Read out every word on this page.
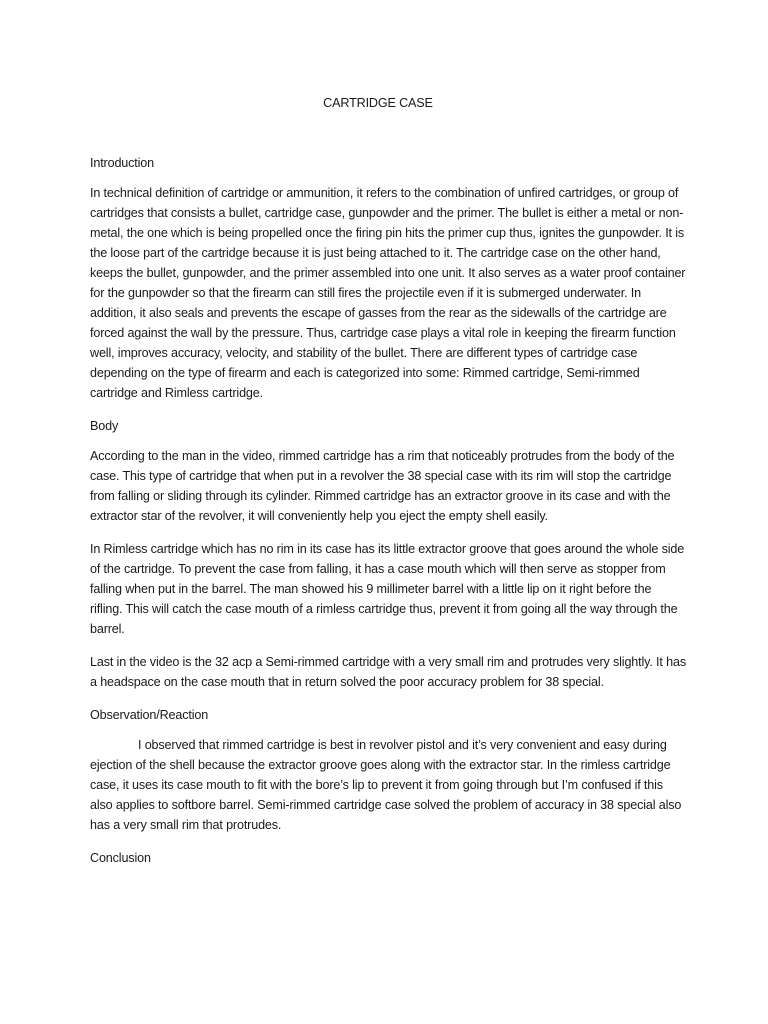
CARTRIDGE CASE
Introduction

In technical definition of cartridge or ammunition, it refers to the combination of unfired cartridges, or group of cartridges that consists a bullet, cartridge case, gunpowder and the primer. The bullet is either a metal or non-metal, the one which is being propelled once the firing pin hits the primer cup thus, ignites the gunpowder. It is the loose part of the cartridge because it is just being attached to it. The cartridge case on the other hand, keeps the bullet, gunpowder, and the primer assembled into one unit. It also serves as a water proof container for the gunpowder so that the firearm can still fires the projectile even if it is submerged underwater. In addition, it also seals and prevents the escape of gasses from the rear as the sidewalls of the cartridge are forced against the wall by the pressure. Thus, cartridge case plays a vital role in keeping the firearm function well, improves accuracy, velocity, and stability of the bullet. There are different types of cartridge case depending on the type of firearm and each is categorized into some: Rimmed cartridge, Semi-rimmed cartridge and Rimless cartridge.

Body

According to the man in the video, rimmed cartridge has a rim that noticeably protrudes from the body of the case. This type of cartridge that when put in a revolver the 38 special case with its rim will stop the cartridge from falling or sliding through its cylinder. Rimmed cartridge has an extractor groove in its case and with the extractor star of the revolver, it will conveniently help you eject the empty shell easily.

In Rimless cartridge which has no rim in its case has its little extractor groove that goes around the whole side of the cartridge. To prevent the case from falling, it has a case mouth which will then serve as stopper from falling when put in the barrel. The man showed his 9 millimeter barrel with a little lip on it right before the rifling. This will catch the case mouth of a rimless cartridge thus, prevent it from going all the way through the barrel.

Last in the video is the 32 acp a Semi-rimmed cartridge with a very small rim and protrudes very slightly. It has a headspace on the case mouth that in return solved the poor accuracy problem for 38 special.

Observation/Reaction

I observed that rimmed cartridge is best in revolver pistol and it’s very convenient and easy during ejection of the shell because the extractor groove goes along with the extractor star. In the rimless cartridge case, it uses its case mouth to fit with the bore’s lip to prevent it from going through but I’m confused if this also applies to softbore barrel. Semi-rimmed cartridge case solved the problem of accuracy in 38 special also has a very small rim that protrudes.

Conclusion
